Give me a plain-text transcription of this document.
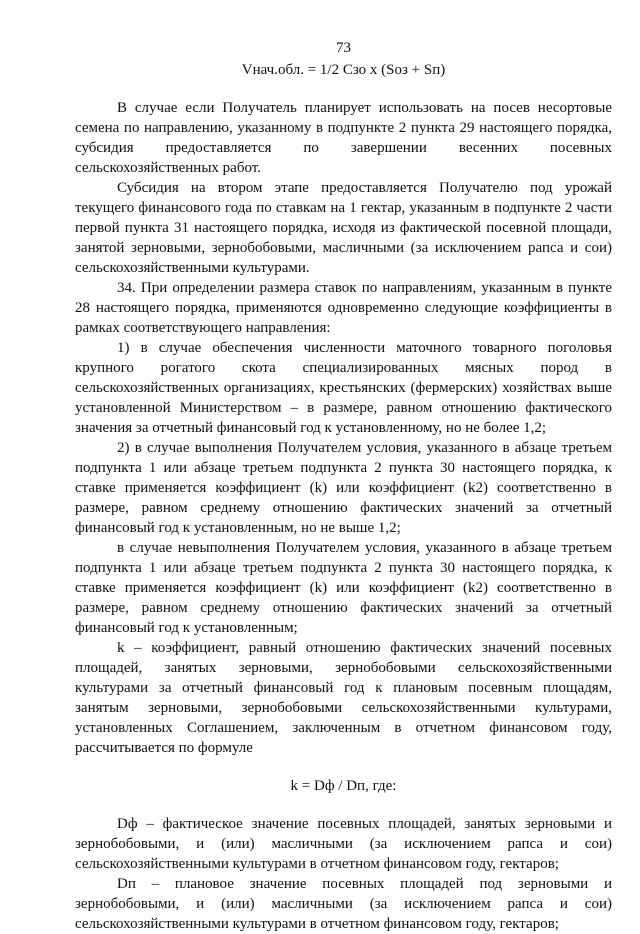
73

Vнач.обл. = 1/2 Cзо x (Sоз + Sп)

В случае если Получатель планирует использовать на посев несортовые семена по направлению, указанному в подпункте 2 пункта 29 настоящего порядка, субсидия предоставляется по завершении весенних посевных сельскохозяйственных работ.

Субсидия на втором этапе предоставляется Получателю под урожай текущего финансового года по ставкам на 1 гектар, указанным в подпункте 2 части первой пункта 31 настоящего порядка, исходя из фактической посевной площади, занятой зерновыми, зернобобовыми, масличными (за исключением рапса и сои) сельскохозяйственными культурами.

34. При определении размера ставок по направлениям, указанным в пункте 28 настоящего порядка, применяются одновременно следующие коэффициенты в рамках соответствующего направления:

1) в случае обеспечения численности маточного товарного поголовья крупного рогатого скота специализированных мясных пород в сельскохозяйственных организациях, крестьянских (фермерских) хозяйствах выше установленной Министерством – в размере, равном отношению фактического значения за отчетный финансовый год к установленному, но не более 1,2;

2) в случае выполнения Получателем условия, указанного в абзаце третьем подпункта 1 или абзаце третьем подпункта 2 пункта 30 настоящего порядка, к ставке применяется коэффициент (k) или коэффициент (k2) соответственно в размере, равном среднему отношению фактических значений за отчетный финансовый год к установленным, но не выше 1,2;

в случае невыполнения Получателем условия, указанного в абзаце третьем подпункта 1 или абзаце третьем подпункта 2 пункта 30 настоящего порядка, к ставке применяется коэффициент (k) или коэффициент (k2) соответственно в размере, равном среднему отношению фактических значений за отчетный финансовый год к установленным;

k – коэффициент, равный отношению фактических значений посевных площадей, занятых зерновыми, зернобобовыми сельскохозяйственными культурами за отчетный финансовый год к плановым посевным площадям, занятым зерновыми, зернобобовыми сельскохозяйственными культурами, установленных Соглашением, заключенным в отчетном финансовом году, рассчитывается по формуле

k = Dф / Dп, где:

Dф – фактическое значение посевных площадей, занятых зерновыми и зернобобовыми, и (или) масличными (за исключением рапса и сои) сельскохозяйственными культурами в отчетном финансовом году, гектаров;

Dп – плановое значение посевных площадей под зерновыми и зернобобовыми, и (или) масличными (за исключением рапса и сои) сельскохозяйственными культурами в отчетном финансовом году, гектаров;
